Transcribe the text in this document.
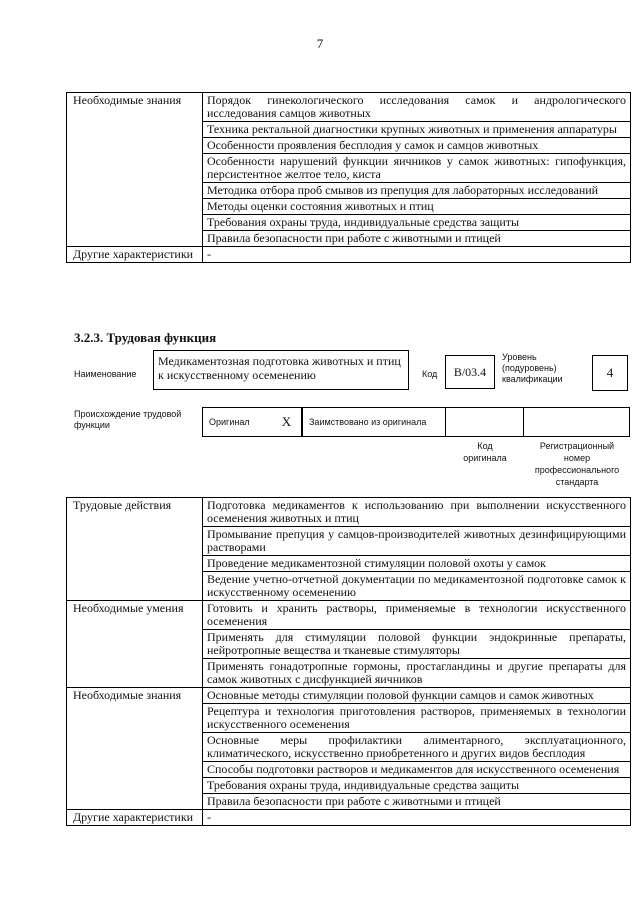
7
Необходимые знания	Порядок гинекологического исследования самок и андрологического исследования самцов животных
	Техника ректальной диагностики крупных животных и применения аппаратуры
	Особенности проявления бесплодия у самок и самцов животных
	Особенности нарушений функции яичников у самок животных: гипофункция, персистентное желтое тело, киста
	Методика отбора проб смывов из препуция для лабораторных исследований
	Методы оценки состояния животных и птиц
	Требования охраны труда, индивидуальные средства защиты
	Правила безопасности при работе с животными и птицей
Другие характеристики	-
3.2.3. Трудовая функция
Наименование
Медикаментозная подготовка животных и птиц к искусственному осеменению	Код	B/03.4
Уровень
(подуровень)
квалификации	4
Происхождение трудовой
функции	Оригинал	X	Заимствовано из оригинала
Код
оригинала
Регистрационный
номер
профессионального
стандарта
Трудовые действия	Подготовка медикаментов к использованию при выполнении искусственного осеменения животных и птиц
	Промывание препуция у самцов-производителей животных дезинфицирующими растворами
	Проведение медикаментозной стимуляции половой охоты у самок
	Ведение учетно-отчетной документации по медикаментозной подготовке самок к искусственному осеменению
Необходимые умения	Готовить и хранить растворы, применяемые в технологии искусственного осеменения
	Применять для стимуляции половой функции эндокринные препараты, нейротропные вещества и тканевые стимуляторы
	Применять гонадотропные гормоны, простагландины и другие препараты для самок животных с дисфункцией яичников
Необходимые знания	Основные методы стимуляции половой функции самцов и самок животных
	Рецептура и технология приготовления растворов, применяемых в технологии искусственного осеменения
	Основные меры профилактики алиментарного, эксплуатационного, климатического, искусственно приобретенного и других видов бесплодия
	Способы подготовки растворов и медикаментов для искусственного осеменения
	Требования охраны труда, индивидуальные средства защиты
	Правила безопасности при работе с животными и птицей
Другие характеристики	-
